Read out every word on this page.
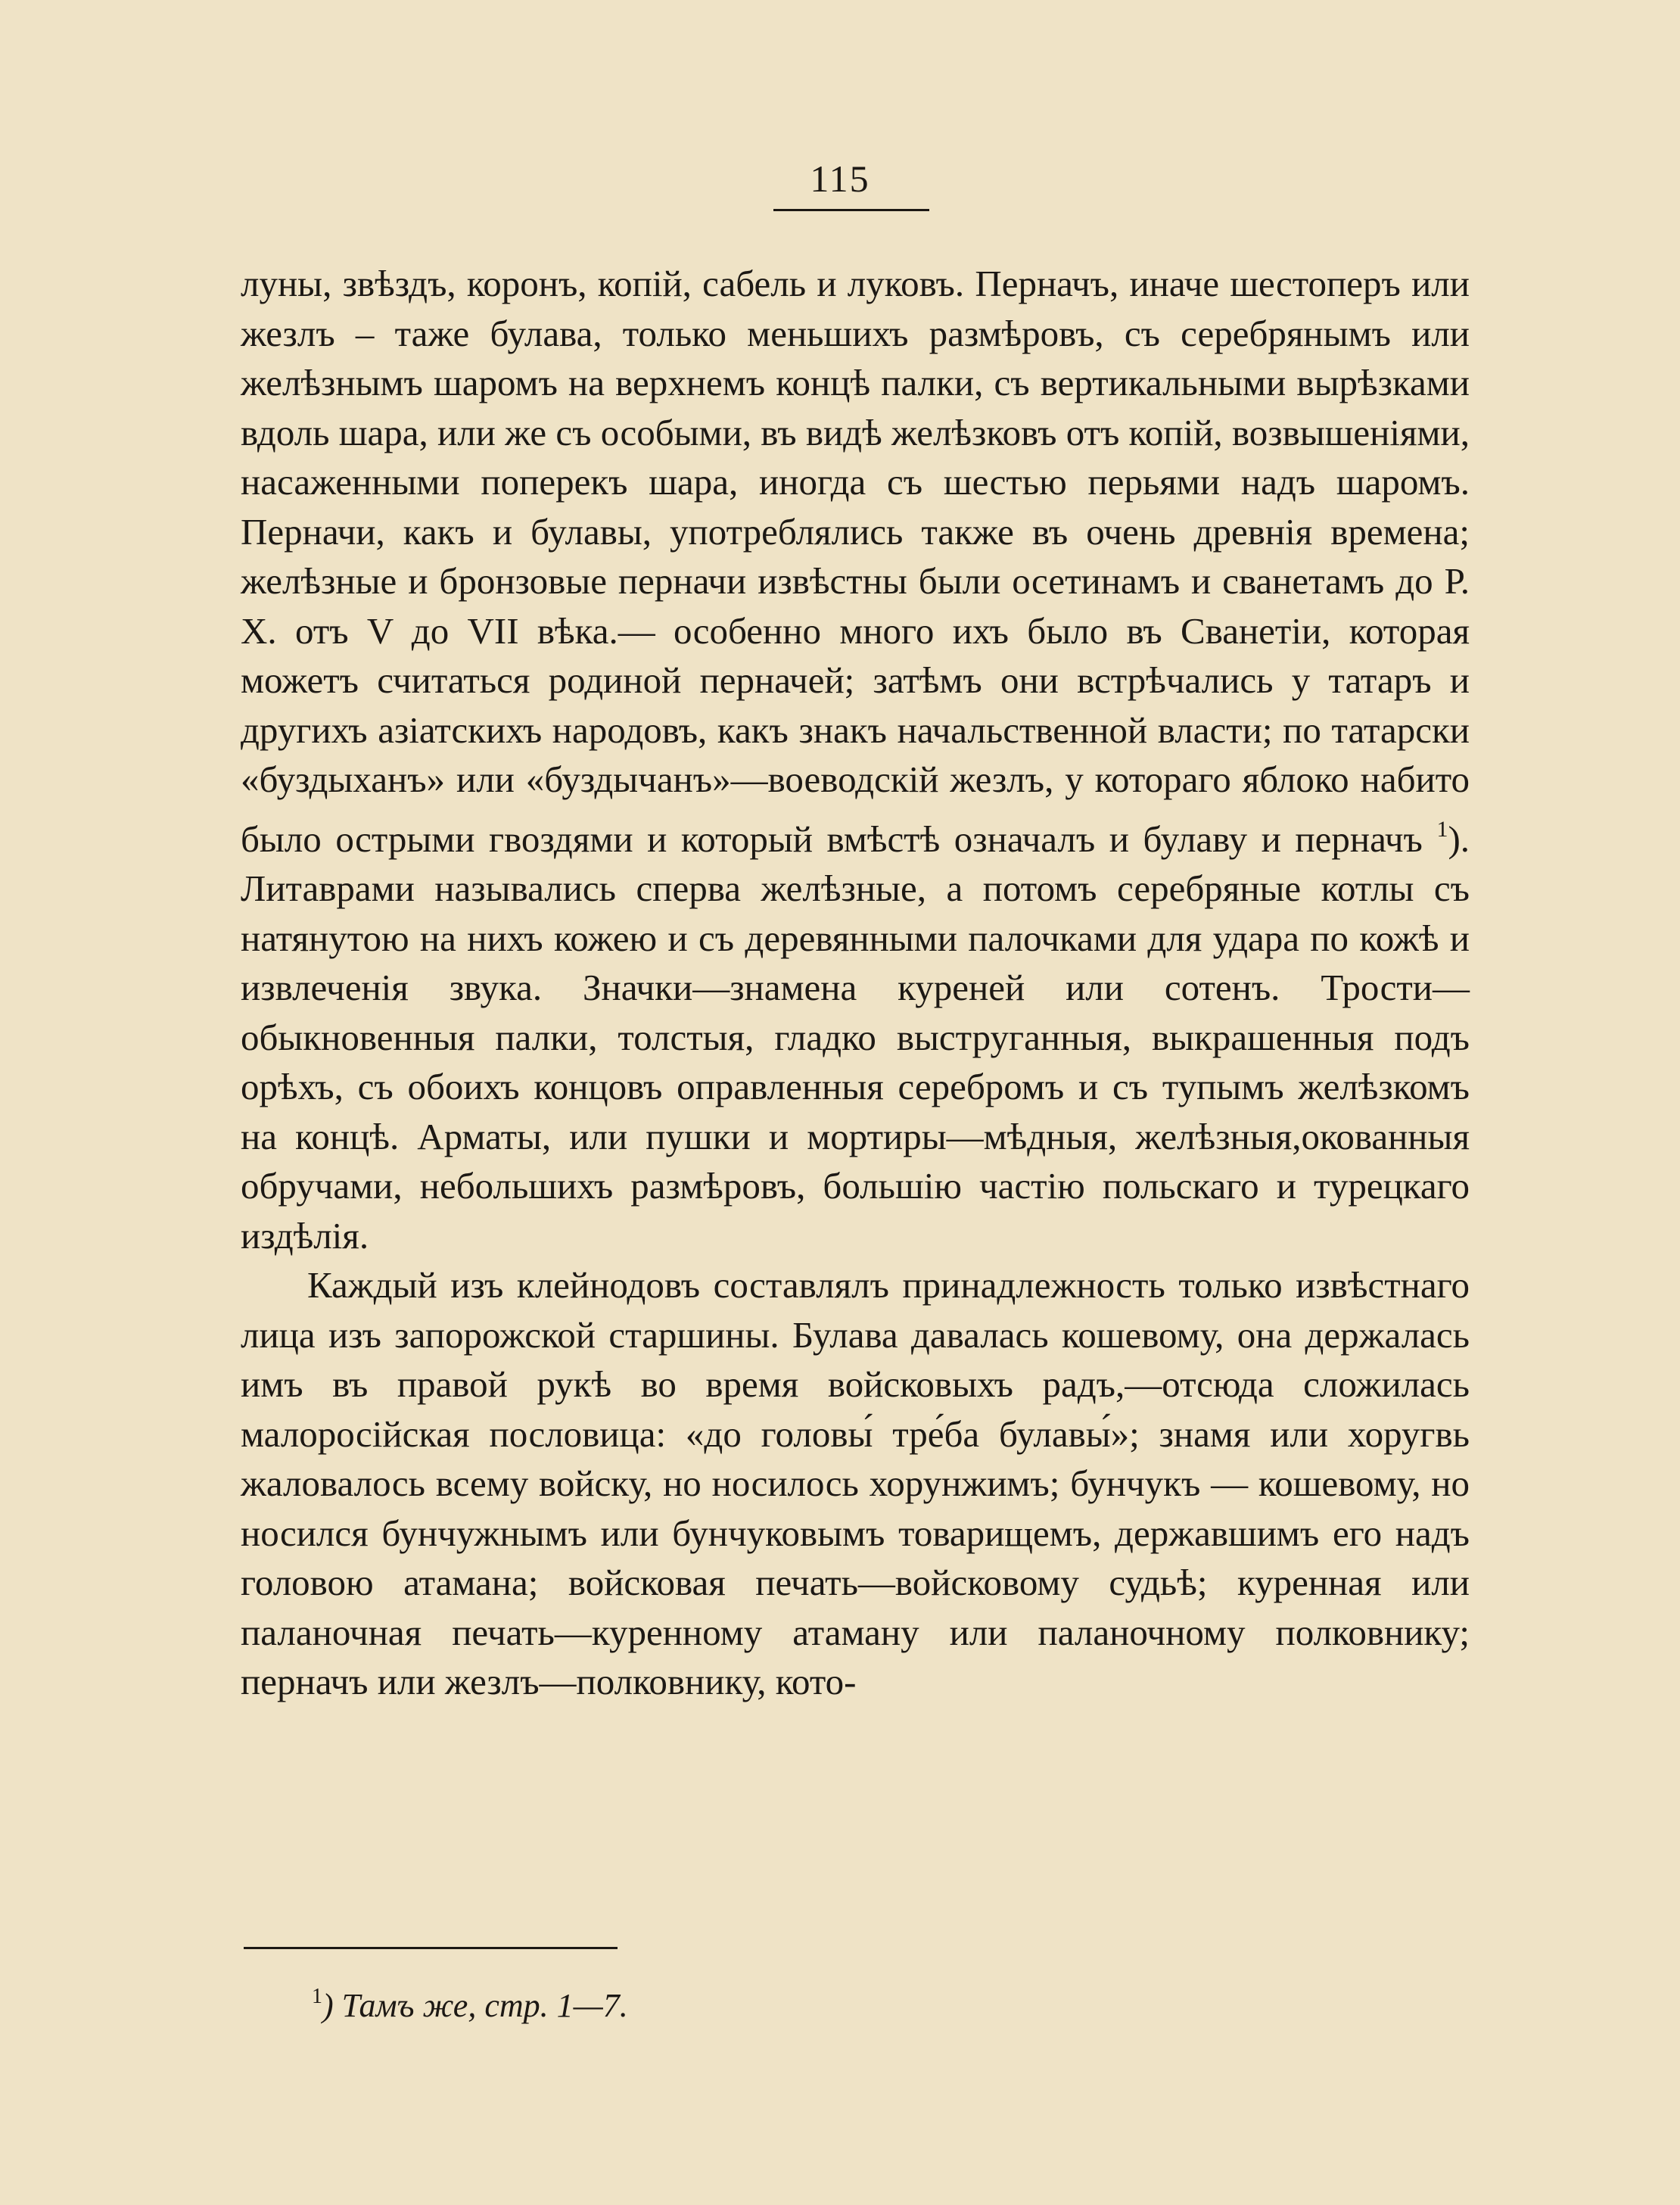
115

луны, звѣздъ, коронъ, копій, сабель и луковъ. Перначъ, иначе шестоперъ или жезлъ – таже булава, только меньшихъ размѣровъ, съ серебрянымъ или желѣзнымъ шаромъ на верхнемъ концѣ палки, съ вертикальными вырѣзками вдоль шара, или же съ особыми, въ видѣ желѣзковъ отъ копій, возвышеніями, насаженными поперекъ шара, иногда съ шестью перьями надъ шаромъ. Перначи, какъ и булавы, употреблялись также въ очень древнія времена; желѣзные и бронзовые перначи извѣстны были осетинамъ и сванетамъ до Р. Х. отъ V до VII вѣка.— особенно много ихъ было въ Сванетіи, которая можетъ считаться родиной перначей; затѣмъ они встрѣчались у татаръ и другихъ азіатскихъ народовъ, какъ знакъ начальственной власти; по татарски «буздыханъ» или «буздычанъ»—воеводскій жезлъ, у котораго яблоко набито было острыми гвоздями и который вмѣстѣ означалъ и булаву и перначъ $^1$). Литаврами назывались сперва желѣзные, а потомъ серебряные котлы съ натянутою на нихъ кожею и съ деревянными палочками для удара по кожѣ и извлеченія звука. Значки—знамена куреней или сотенъ. Трости—обыкновенныя палки, толстыя, гладко выструганныя, выкрашенныя подъ орѣхъ, съ обоихъ концовъ оправленныя серебромъ и съ тупымъ желѣзкомъ на концѣ. Арматы, или пушки и мортиры—мѣдныя, желѣзныя,окованныя обручами, небольшихъ размѣровъ, большію частію польскаго и турецкаго издѣлія.

Каждый изъ клейнодовъ составлялъ принадлежность только извѣстнаго лица изъ запорожской старшины. Булава давалась кошевому, она держалась имъ въ правой рукѣ во время войсковыхъ радъ,—отсюда сложилась малоросійская пословица: «до головы́ тре́ба булавы́»; знамя или хоругвь жаловалось всему войску, но носилось хорунжимъ; бунчукъ — кошевому, но носился бунчужнымъ или бунчуковымъ товарищемъ, державшимъ его надъ головою атамана; войсковая печать—войсковому судьѣ; куренная или паланочная печать—куренному атаману или паланочному полковнику; перначъ или жезлъ—полковнику, кото-

$^1$) Тамъ же, стр. 1—7.
